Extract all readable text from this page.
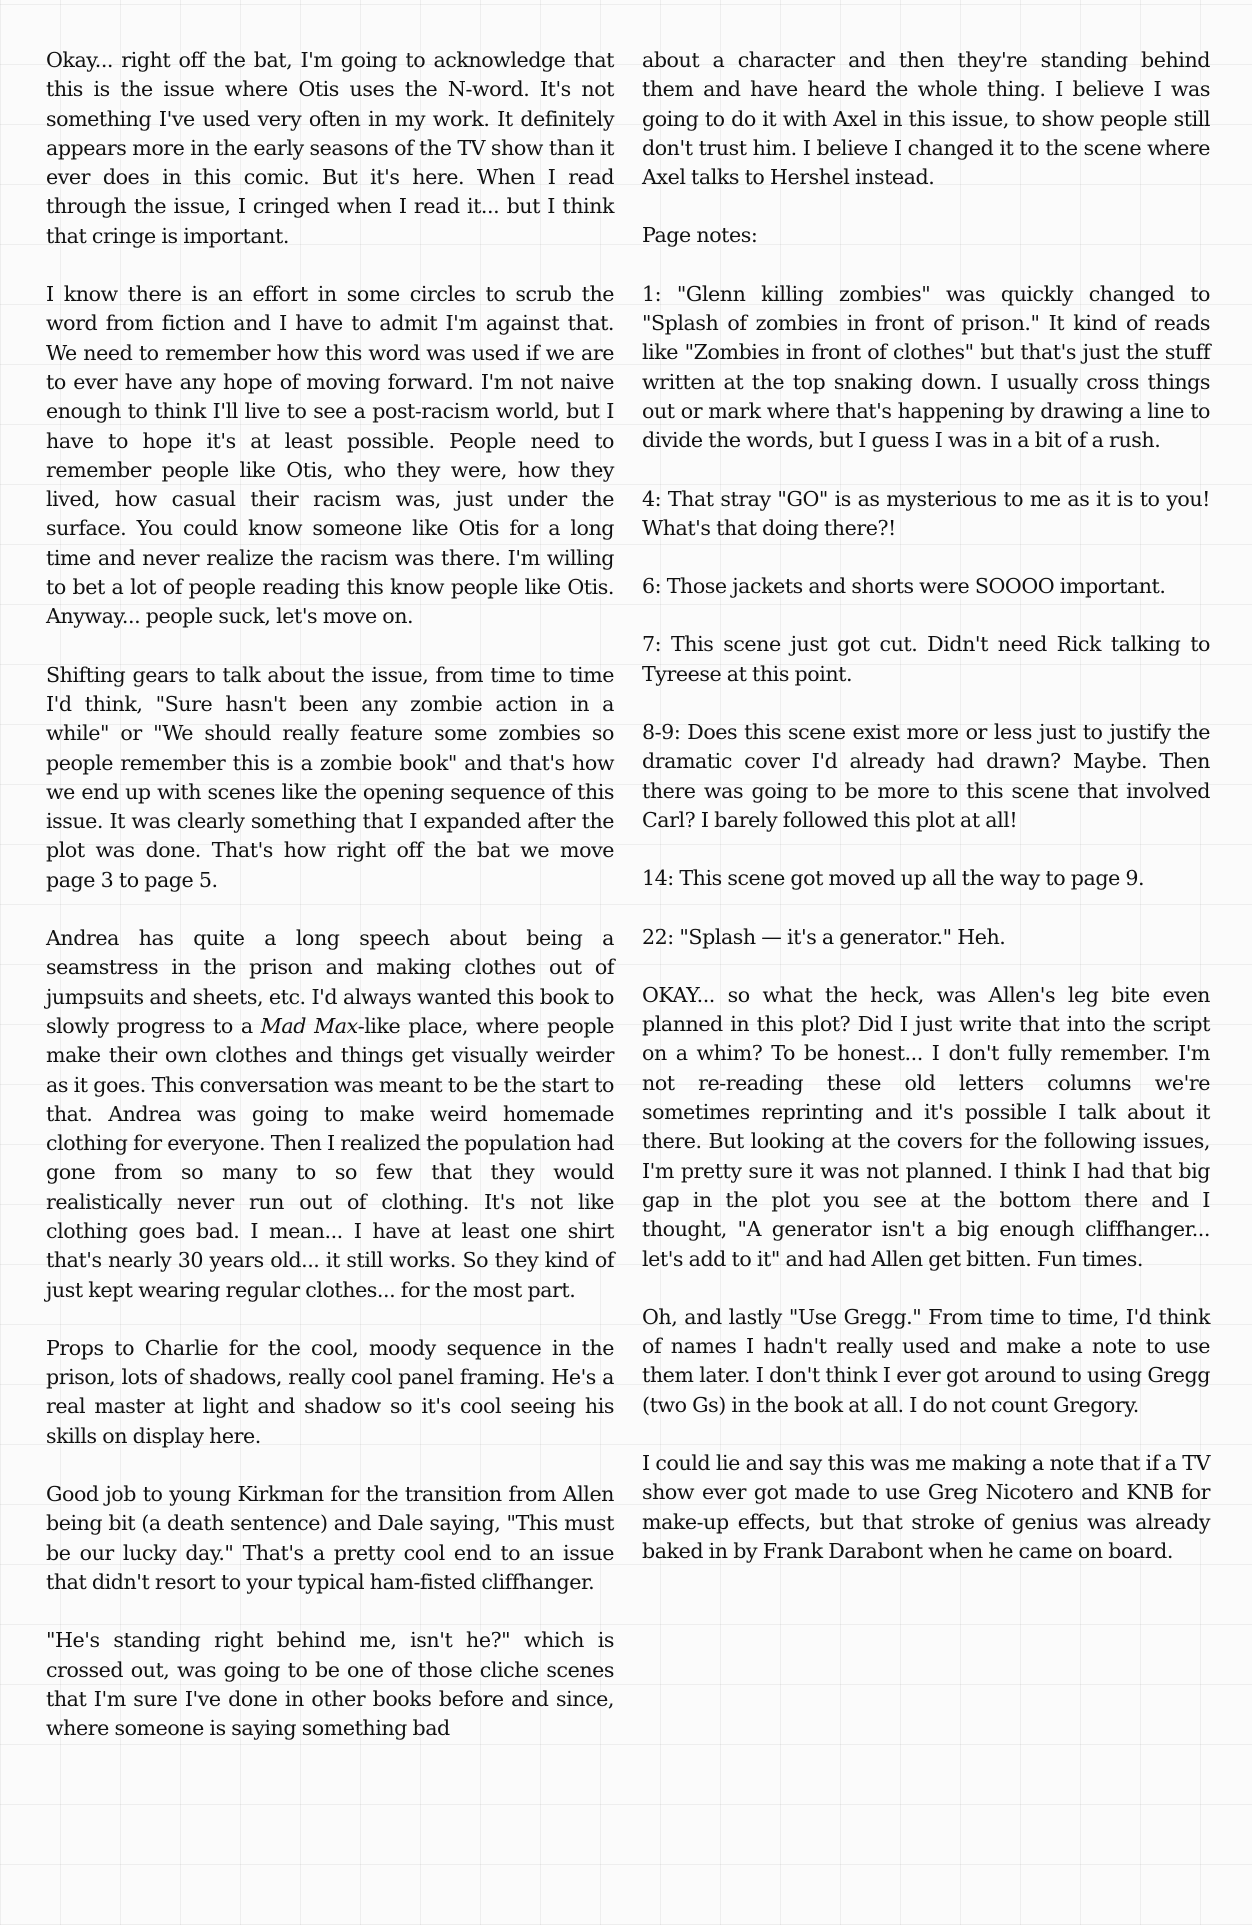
Okay... right off the bat, I'm going to acknowledge that this is the issue where Otis uses the N-word. It's not something I've used very often in my work. It definitely appears more in the early seasons of the TV show than it ever does in this comic. But it's here. When I read through the issue, I cringed when I read it... but I think that cringe is important.

I know there is an effort in some circles to scrub the word from fiction and I have to admit I'm against that. We need to remember how this word was used if we are to ever have any hope of moving forward. I'm not naive enough to think I'll live to see a post-racism world, but I have to hope it's at least possible. People need to remember people like Otis, who they were, how they lived, how casual their racism was, just under the surface. You could know someone like Otis for a long time and never realize the racism was there. I'm willing to bet a lot of people reading this know people like Otis. Anyway... people suck, let's move on.

Shifting gears to talk about the issue, from time to time I'd think, "Sure hasn't been any zombie action in a while" or "We should really feature some zombies so people remember this is a zombie book" and that's how we end up with scenes like the opening sequence of this issue. It was clearly something that I expanded after the plot was done. That's how right off the bat we move page 3 to page 5.

Andrea has quite a long speech about being a seamstress in the prison and making clothes out of jumpsuits and sheets, etc. I'd always wanted this book to slowly progress to a Mad Max-like place, where people make their own clothes and things get visually weirder as it goes. This conversation was meant to be the start to that. Andrea was going to make weird homemade clothing for everyone. Then I realized the population had gone from so many to so few that they would realistically never run out of clothing. It's not like clothing goes bad. I mean... I have at least one shirt that's nearly 30 years old... it still works. So they kind of just kept wearing regular clothes... for the most part.

Props to Charlie for the cool, moody sequence in the prison, lots of shadows, really cool panel framing. He's a real master at light and shadow so it's cool seeing his skills on display here.

Good job to young Kirkman for the transition from Allen being bit (a death sentence) and Dale saying, "This must be our lucky day." That's a pretty cool end to an issue that didn't resort to your typical ham-fisted cliffhanger.

"He's standing right behind me, isn't he?" which is crossed out, was going to be one of those cliche scenes that I'm sure I've done in other books before and since, where someone is saying something bad

about a character and then they're standing behind them and have heard the whole thing. I believe I was going to do it with Axel in this issue, to show people still don't trust him. I believe I changed it to the scene where Axel talks to Hershel instead.

Page notes:

1: "Glenn killing zombies" was quickly changed to "Splash of zombies in front of prison." It kind of reads like "Zombies in front of clothes" but that's just the stuff written at the top snaking down. I usually cross things out or mark where that's happening by drawing a line to divide the words, but I guess I was in a bit of a rush.

4: That stray "GO" is as mysterious to me as it is to you! What's that doing there?!

6: Those jackets and shorts were SOOOO important.

7: This scene just got cut. Didn't need Rick talking to Tyreese at this point.

8-9: Does this scene exist more or less just to justify the dramatic cover I'd already had drawn? Maybe. Then there was going to be more to this scene that involved Carl? I barely followed this plot at all!

14: This scene got moved up all the way to page 9.

22: "Splash — it's a generator." Heh.

OKAY... so what the heck, was Allen's leg bite even planned in this plot? Did I just write that into the script on a whim? To be honest... I don't fully remember. I'm not re-reading these old letters columns we're sometimes reprinting and it's possible I talk about it there. But looking at the covers for the following issues, I'm pretty sure it was not planned. I think I had that big gap in the plot you see at the bottom there and I thought, "A generator isn't a big enough cliffhanger... let's add to it" and had Allen get bitten. Fun times.

Oh, and lastly "Use Gregg." From time to time, I'd think of names I hadn't really used and make a note to use them later. I don't think I ever got around to using Gregg (two Gs) in the book at all. I do not count Gregory.

I could lie and say this was me making a note that if a TV show ever got made to use Greg Nicotero and KNB for make-up effects, but that stroke of genius was already baked in by Frank Darabont when he came on board.
